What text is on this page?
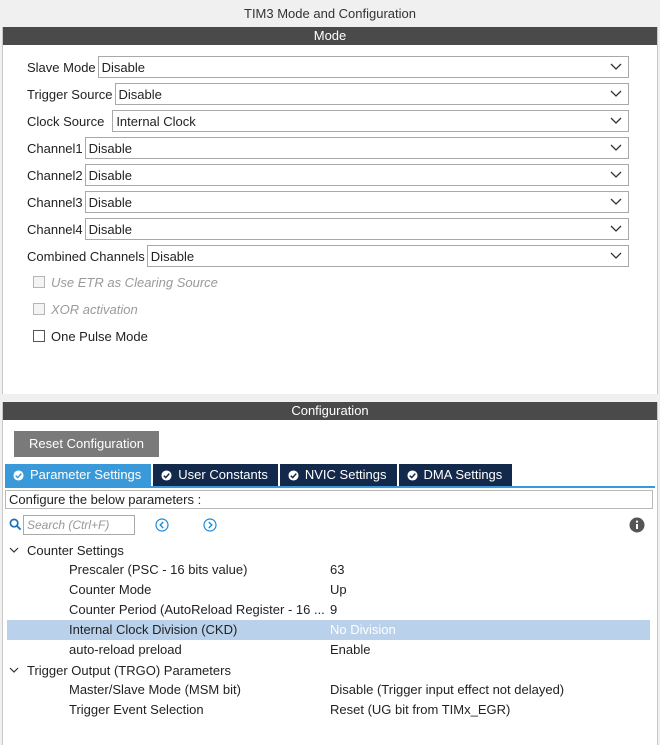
TIM3 Mode and Configuration
Mode
Slave Mode Disable
Trigger Source Disable
Clock Source Internal Clock
Channel1 Disable
Channel2 Disable
Channel3 Disable
Channel4 Disable
Combined Channels Disable
Use ETR as Clearing Source
XOR activation
One Pulse Mode
Configuration
Reset Configuration
Parameter Settings	User Constants	NVIC Settings	DMA Settings
Configure the below parameters :
Search (Ctrl+F)
Counter Settings
Prescaler (PSC - 16 bits value)	63
Counter Mode	Up
Counter Period (AutoReload Register - 16 ... 9
Internal Clock Division (CKD)	No Division
auto-reload preload	Enable
Trigger Output (TRGO) Parameters
Master/Slave Mode (MSM bit)	Disable (Trigger input effect not delayed)
Trigger Event Selection	Reset (UG bit from TIMx_EGR)
